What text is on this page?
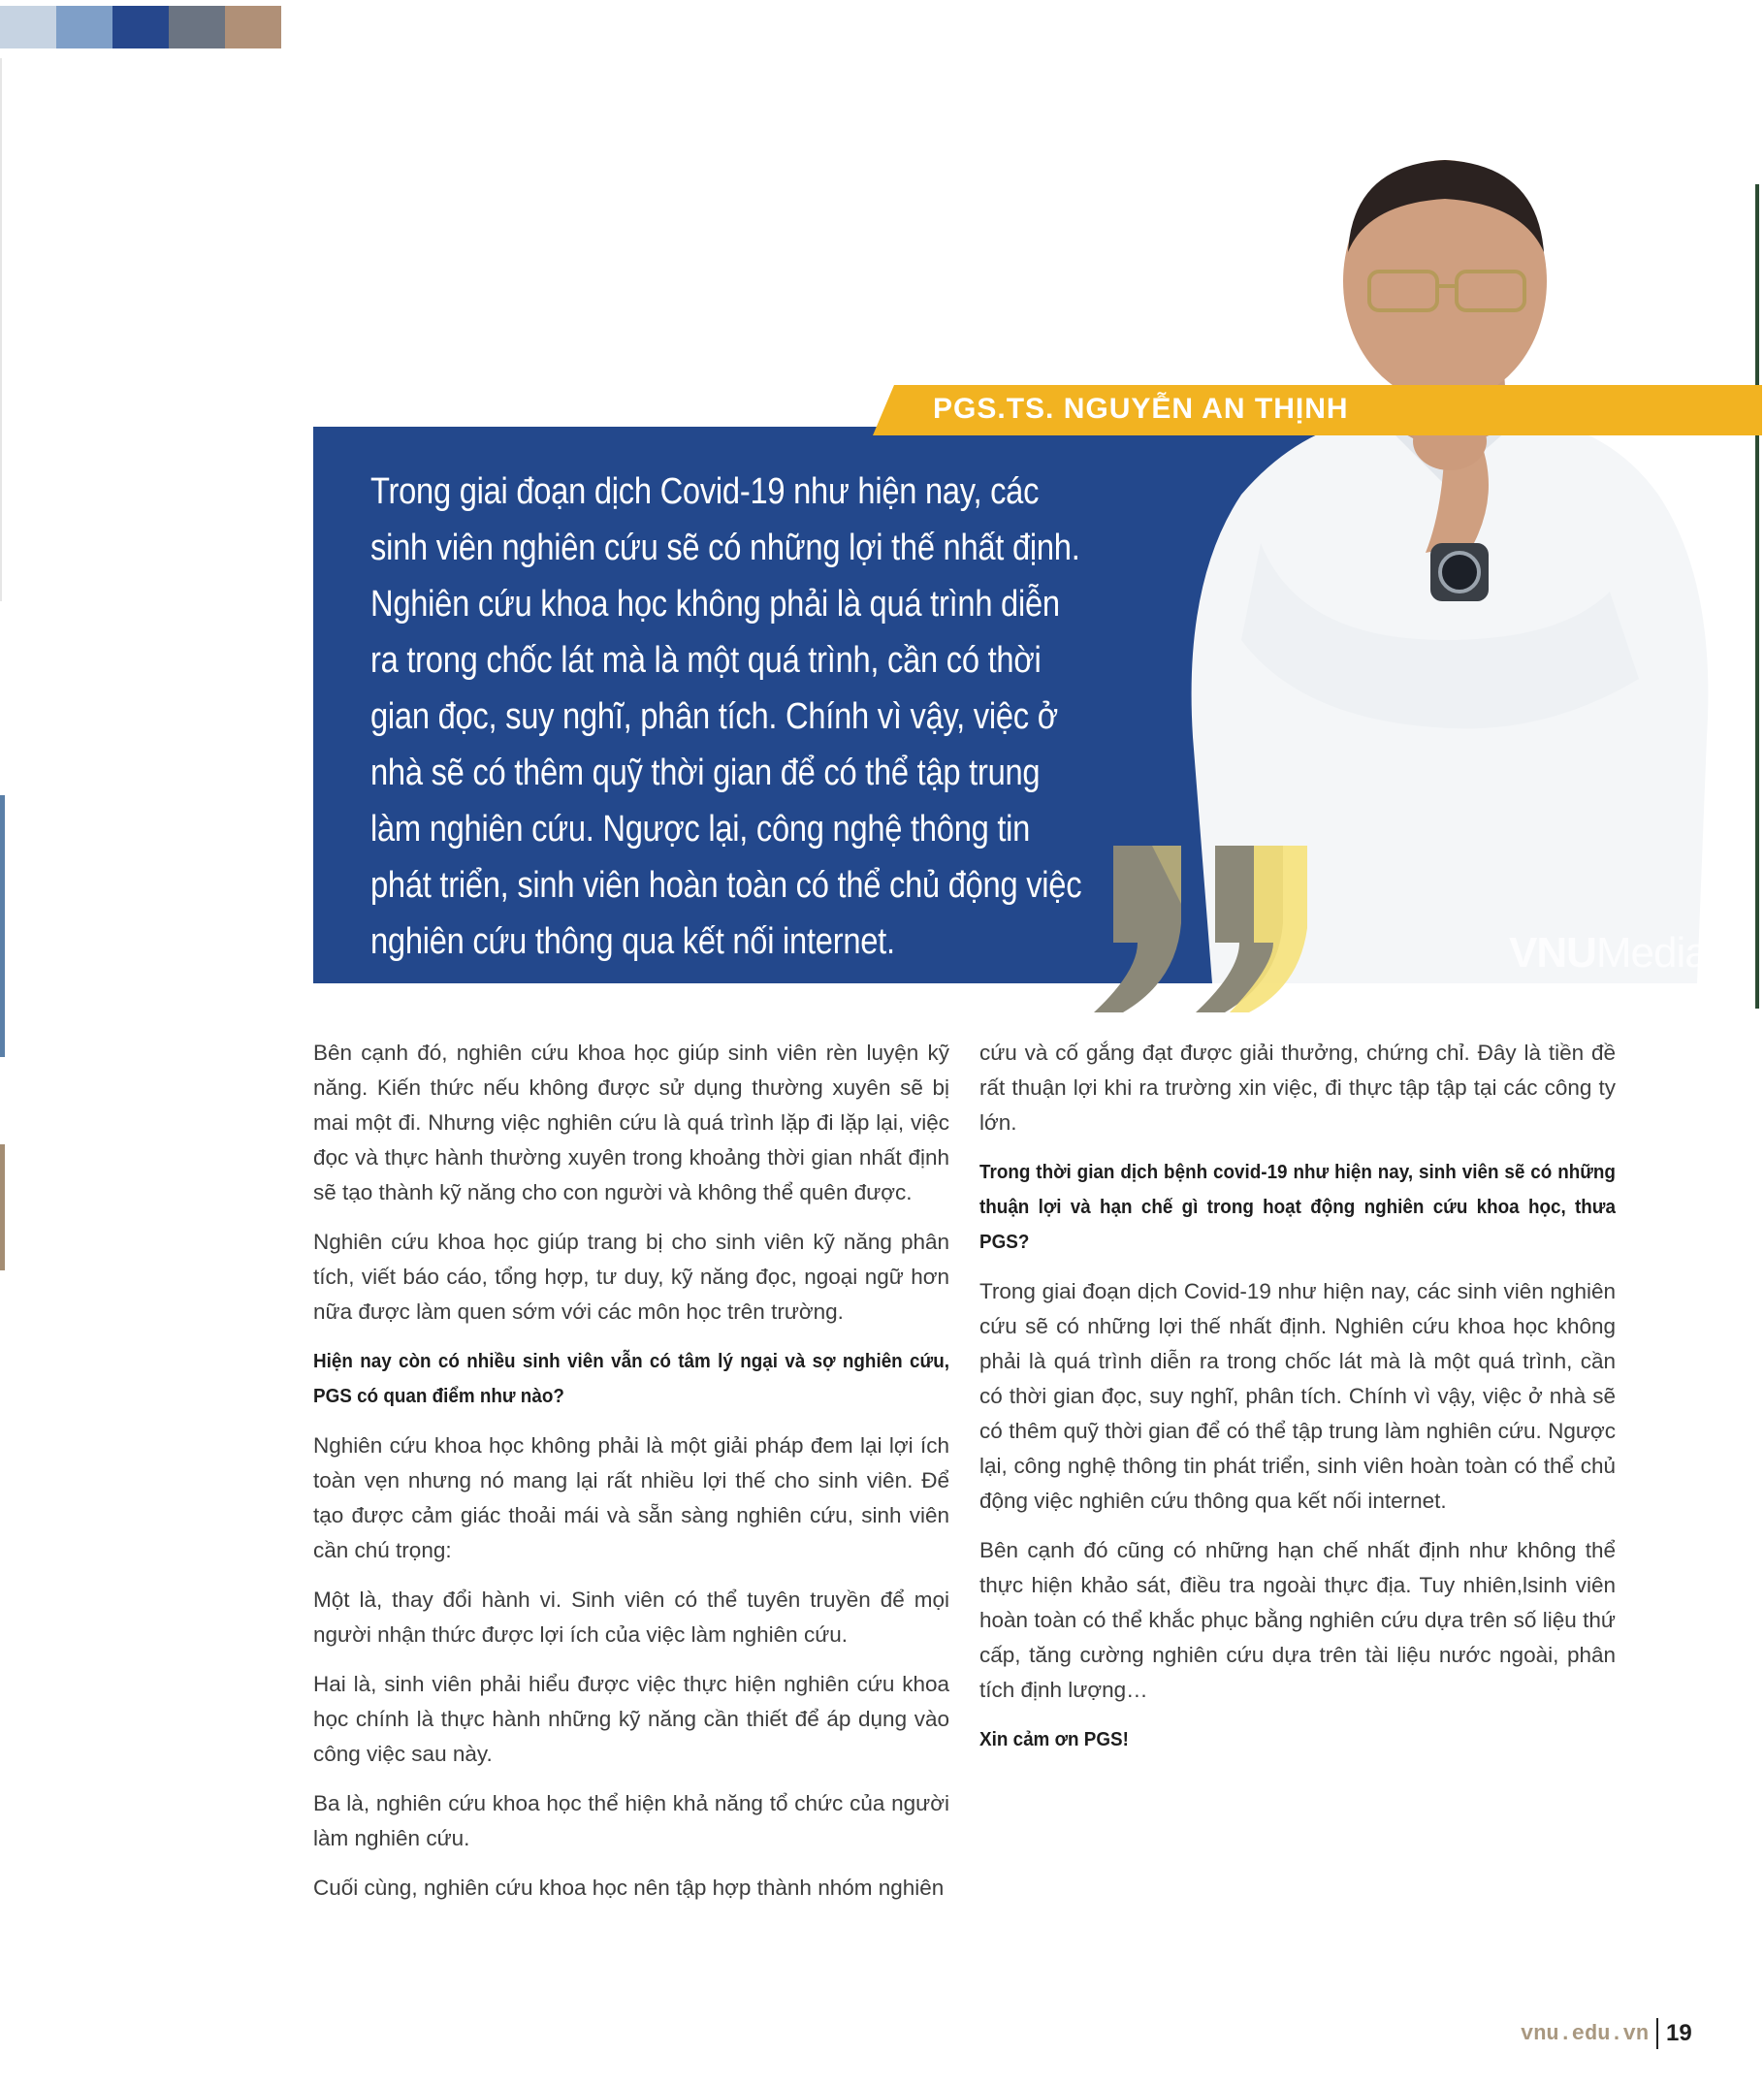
PGS.TS. NGUYỄN AN THỊNH
Trong giai đoạn dịch Covid-19 như hiện nay, các
sinh viên nghiên cứu sẽ có những lợi thế nhất định.
Nghiên cứu khoa học không phải là quá trình diễn
ra trong chốc lát mà là một quá trình, cần có thời
gian đọc, suy nghĩ, phân tích. Chính vì vậy, việc ở
nhà sẽ có thêm quỹ thời gian để có thể tập trung
làm nghiên cứu. Ngược lại, công nghệ thông tin
phát triển, sinh viên hoàn toàn có thể chủ động việc
nghiên cứu thông qua kết nối internet.	VNUMedia

Bên cạnh đó, nghiên cứu khoa học giúp sinh viên rèn luyện kỹ năng. Kiến thức nếu không được sử dụng thường xuyên sẽ bị mai một đi. Nhưng việc nghiên cứu là quá trình lặp đi lặp lại, việc đọc và thực hành thường xuyên trong khoảng thời gian nhất định sẽ tạo thành kỹ năng cho con người và không thể quên được.

Nghiên cứu khoa học giúp trang bị cho sinh viên kỹ năng phân tích, viết báo cáo, tổng hợp, tư duy, kỹ năng đọc, ngoại ngữ hơn nữa được làm quen sớm với các môn học trên trường.

Hiện nay còn có nhiều sinh viên vẫn có tâm lý ngại và sợ nghiên cứu, PGS có quan điểm như nào?

Nghiên cứu khoa học không phải là một giải pháp đem lại lợi ích toàn vẹn nhưng nó mang lại rất nhiều lợi thế cho sinh viên. Để tạo được cảm giác thoải mái và sẵn sàng nghiên cứu, sinh viên cần chú trọng:

Một là, thay đổi hành vi. Sinh viên có thể tuyên truyền để mọi người nhận thức được lợi ích của việc làm nghiên cứu.

Hai là, sinh viên phải hiểu được việc thực hiện nghiên cứu khoa học chính là thực hành những kỹ năng cần thiết để áp dụng vào công việc sau này.

Ba là, nghiên cứu khoa học thể hiện khả năng tổ chức của người làm nghiên cứu.

Cuối cùng, nghiên cứu khoa học nên tập hợp thành nhóm nghiên

cứu và cố gắng đạt được giải thưởng, chứng chỉ. Đây là tiền đề rất thuận lợi khi ra trường xin việc, đi thực tập tập tại các công ty lớn.

Trong thời gian dịch bệnh covid-19 như hiện nay, sinh viên sẽ có những thuận lợi và hạn chế gì trong hoạt động nghiên cứu khoa học, thưa PGS?

Trong giai đoạn dịch Covid-19 như hiện nay, các sinh viên nghiên cứu sẽ có những lợi thế nhất định. Nghiên cứu khoa học không phải là quá trình diễn ra trong chốc lát mà là một quá trình, cần có thời gian đọc, suy nghĩ, phân tích. Chính vì vậy, việc ở nhà sẽ có thêm quỹ thời gian để có thể tập trung làm nghiên cứu. Ngược lại, công nghệ thông tin phát triển, sinh viên hoàn toàn có thể chủ động việc nghiên cứu thông qua kết nối internet.

Bên cạnh đó cũng có những hạn chế nhất định như không thể thực hiện khảo sát, điều tra ngoài thực địa. Tuy nhiên,lsinh viên hoàn toàn có thể khắc phục bằng nghiên cứu dựa trên số liệu thứ cấp, tăng cường nghiên cứu dựa trên tài liệu nước ngoài, phân tích định lượng…

Xin cảm ơn PGS!

vnu.edu.vn 19
